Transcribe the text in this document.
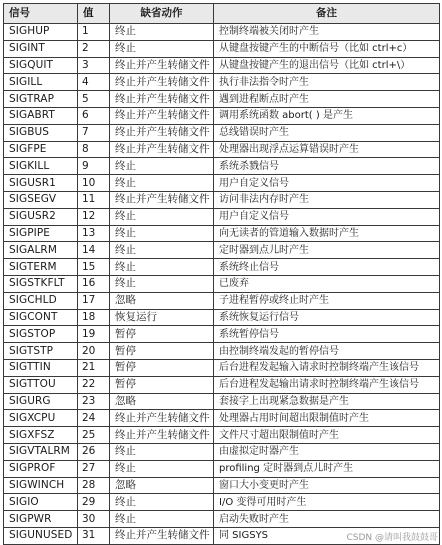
信号	值	缺省动作	备注
SIGHUP	1	终止	控制终端被关闭时产生
SIGINT	2	终止	从键盘按键产生的中断信号（比如 ctrl+c）
SIGQUIT	3	终止并产生转储文件	从键盘按键产生的退出信号（比如 ctrl+\）
SIGILL	4	终止并产生转储文件	执行非法指令时产生
SIGTRAP	5	终止并产生转储文件	遇到进程断点时产生
SIGABRT	6	终止并产生转储文件	调用系统函数 abort( ) 是产生
SIGBUS	7	终止并产生转储文件	总线错误时产生
SIGFPE	8	终止并产生转储文件	处理器出现浮点运算错误时产生
SIGKILL	9	终止	系统杀戮信号
SIGUSR1	10	终止	用户自定义信号
SIGSEGV	11	终止并产生转储文件	访问非法内存时产生
SIGUSR2	12	终止	用户自定义信号
SIGPIPE	13	终止	向无读者的管道输入数据时产生
SIGALRM	14	终止	定时器到点儿时产生
SIGTERM	15	终止	系统终止信号
SIGSTKFLT	16	终止	已废弃
SIGCHLD	17	忽略	子进程暂停或终止时产生
SIGCONT	18	恢复运行	系统恢复运行信号
SIGSTOP	19	暂停	系统暂停信号
SIGTSTP	20	暂停	由控制终端发起的暂停信号
SIGTTIN	21	暂停	后台进程发起输入请求时控制终端产生该信号
SIGTTOU	22	暂停	后台进程发起输出请求时控制终端产生该信号
SIGURG	23	忽略	套接字上出现紧急数据是产生
SIGXCPU	24	终止并产生转储文件	处理器占用时间超出限制值时产生
SIGXFSZ	25	终止并产生转储文件	文件尺寸超出限制值时产生
SIGVTALRM	26	终止	由虚拟定时器产生
SIGPROF	27	终止	profiling 定时器到点儿时产生
SIGWINCH	28	忽略	窗口大小变更时产生
SIGIO	29	终止	I/O 变得可用时产生
SIGPWR	30	终止	启动失败时产生
SIGUNUSED	31	终止并产生转储文件	同 SIGSYS	CSDN @请叫我鼓鼓哥
